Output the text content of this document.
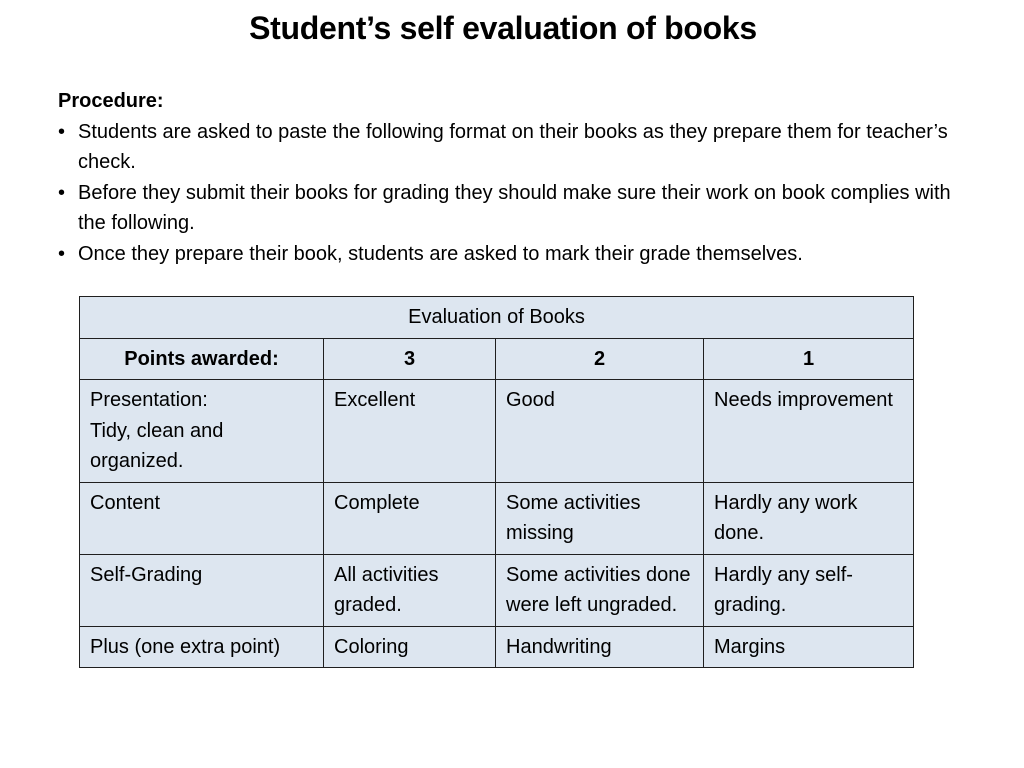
Student’s self evaluation of books
Procedure:
• Students are asked to paste the following format on their books as they prepare them for teacher’s check.
• Before they submit their books for grading they should make sure their work on book complies with the following.
• Once they prepare their book, students are asked to mark their grade themselves.
Evaluation of Books			
Points awarded:	3	2	1

Presentation:
Tidy, clean and organized.	Excellent	Good	Needs improvement
Content	Complete	Some activities missing	Hardly any work done.
Self-Grading	All activities graded.	Some activities done were left ungraded.	Hardly any self-grading.
Plus (one extra point)	Coloring	Handwriting	Margins
